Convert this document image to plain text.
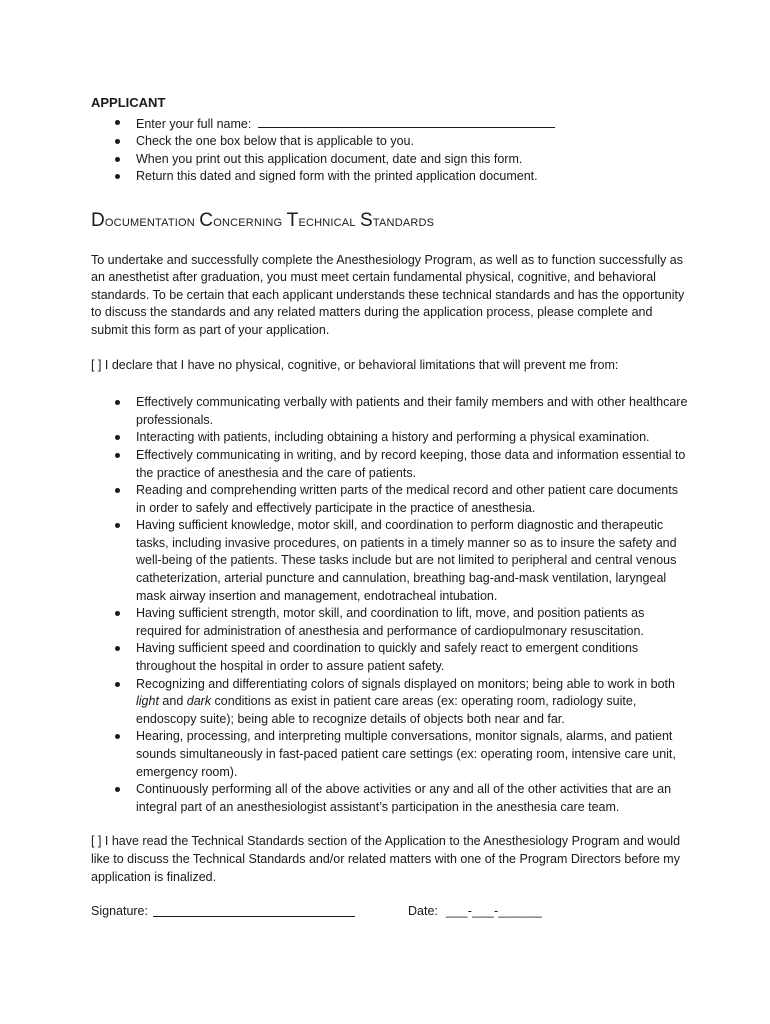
APPLICANT
Enter your full name:
Check the one box below that is applicable to you.
When you print out this application document, date and sign this form.
Return this dated and signed form with the printed application document.
Documentation Concerning Technical Standards

To undertake and successfully complete the Anesthesiology Program, as well as to function successfully as an anesthetist after graduation, you must meet certain fundamental physical, cognitive, and behavioral standards. To be certain that each applicant understands these technical standards and has the opportunity to discuss the standards and any related matters during the application process, please complete and submit this form as part of your application.

[ ] I declare that I have no physical, cognitive, or behavioral limitations that will prevent me from:

Effectively communicating verbally with patients and their family members and with other healthcare professionals.
Interacting with patients, including obtaining a history and performing a physical examination.
Effectively communicating in writing, and by record keeping, those data and information essential to the practice of anesthesia and the care of patients.
Reading and comprehending written parts of the medical record and other patient care documents in order to safely and effectively participate in the practice of anesthesia.
Having sufficient knowledge, motor skill, and coordination to perform diagnostic and therapeutic tasks, including invasive procedures, on patients in a timely manner so as to insure the safety and well-being of the patients. These tasks include but are not limited to peripheral and central venous catheterization, arterial puncture and cannulation, breathing bag-and-mask ventilation, laryngeal mask airway insertion and management, endotracheal intubation.
Having sufficient strength, motor skill, and coordination to lift, move, and position patients as required for administration of anesthesia and performance of cardiopulmonary resuscitation.
Having sufficient speed and coordination to quickly and safely react to emergent conditions throughout the hospital in order to assure patient safety.
Recognizing and differentiating colors of signals displayed on monitors; being able to work in both light and dark conditions as exist in patient care areas (ex: operating room, radiology suite, endoscopy suite); being able to recognize details of objects both near and far.
Hearing, processing, and interpreting multiple conversations, monitor signals, alarms, and patient sounds simultaneously in fast-paced patient care settings (ex: operating room, intensive care unit, emergency room).
Continuously performing all of the above activities or any and all of the other activities that are an integral part of an anesthesiologist assistant’s participation in the anesthesia care team.

[ ] I have read the Technical Standards section of the Application to the Anesthesiology Program and would like to discuss the Technical Standards and/or related matters with one of the Program Directors before my application is finalized.

Signature:	Date: ___-___-______
